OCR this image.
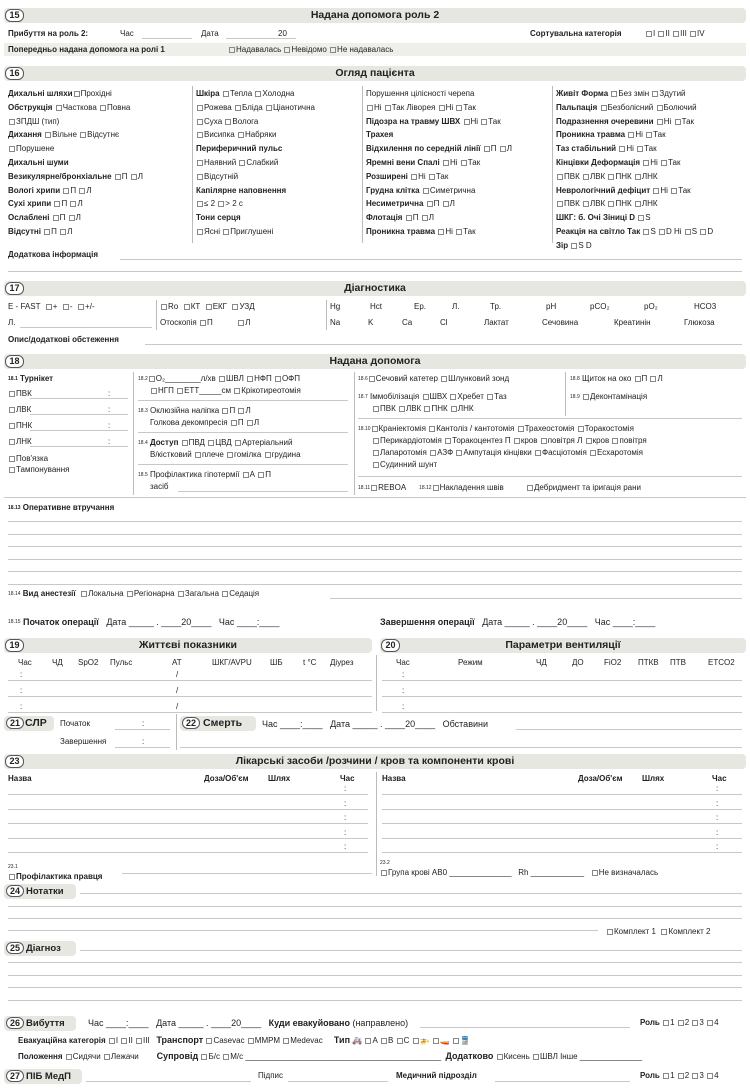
15	Надана допомога роль 2
Прибуття на роль 2:	Час	Дата	20	Сортувальна категорія	I II III IV
Попередньо надана допомога на ролі 1	Надавалась Невідомо Не надавалась
16	Огляд пацієнта
Дихальні шляхи Прохідні
Обструкція Часткова Повна
ЗПДШ (тип)
Дихання Вільне Відсутнє
Порушене
Дихальні шуми
Везикулярне/бронхіальне П Л
Вологі хрипи П Л
Сухі хрипи П Л
Ослаблені П Л
Відсутні П Л
Шкіра Тепла Холодна
Рожева Бліда Ціанотична
Суха Волога
Висипка Набряки
Периферичний пульс
Наявний Слабкий
Відсутній
Капілярне наповнення
≤ 2 > 2 с
Тони серця
Ясні Приглушені
Порушення цілісності черепа
Ні Так Ліворея Ні Так
Підозра на травму ШВХ Ні Так
Трахея
Відхилення по середній лінії П Л
Яремні вени Спалі Ні Так
Розширені Ні Так
Грудна клітка Симетрична
Несиметрична П Л
Флотація П Л
Проникна травма Ні Так
Живіт Форма Без змін Здутий
Пальпація Безболісний Болючий
Подразнення очеревини Ні Так
Проникна травма Ні Так
Таз стабільний Ні Так
Кінцівки Деформація Ні Так
ПВК ЛВК ПНК ЛНК
Неврологічний дефіцит Ні Так
ПВК ЛВК ПНК ЛНК
ШКГ: б. Очі Зіниці D S
Реакція на світло Так S D Ні S D
Зір S D
Додаткова інформація
17	Діагностика
E - FAST + - +/-
Л.
Ro КТ ЕКГ УЗД
Отоскопія П	Л
Hg	Hct	Ер.	Л.	Тр.	pH	pCO₂	pO₂	HCO3
Na	K	Ca	Cl	Лактат	Сечовина	Креатинін	Глюкоза
Опис/додаткові обстеження
18	Надана допомога
$^{18.1}$ Турнікет
ПВК	:
ЛВК	:
ПНК	:
ЛНК	:
Пов'язка
Тампонування
$^{18.2}$ O₂________л/хв ШВЛ НФП ОФП
НГП ЕТТ_____см Крікотиреотомія
$^{18.3}$ Оклюзійна наліпка П Л
Голкова декомпресія П Л
$^{18.4}$ Доступ ПВД ЦВД Артеріальний
В/кістковий плече гомілка грудина
$^{18.5}$ Профілактика гіпотермії А П
засіб
$^{18.6}$ Сечовий катетер Шлунковий зонд
$^{18.7}$ Іммобілізація ШВХ Хребет Таз
ПВК ЛВК ПНК ЛНК
$^{18.8}$ Щиток на око П Л
$^{18.9}$ Деконтамінація
$^{18.10}$ Краніектомія Кантоліз / кантотомія Трахеостомія Торакостомія
Перикардіотомія Торакоцентез П кров повітря Л кров повітря
Лапаротомія АЗФ Ампутація кінцівки Фасціотомія Есхаротомія
Судинний шунт
$^{18.11}$ REBOA	$^{18.12}$ Накладення швів	Дебридмент та іригація рани
$^{18.13}$ Оперативне втручання
$^{18.14}$ Вид анестезії Локальна Регіонарна Загальна Седація
$^{18.15}$ Початок операції   Дата _____ . ____20____   Час ____:____	Завершення операції   Дата _____ . ____20____   Час ____:____
19	Життєві показники	20	Параметри вентиляції
Час	ЧД SpO2 Пульс	АТ	ШКГ/AVPU ШБ	t °C Діурез
:	/
:	/
:	/
Час	Режим	ЧД	ДО	FiO2 ПТКВ ПТВ	ETCO2
:
:
:
21 СЛР Початок	:
Завершення	:
22 Смерть Час ____:____   Дата _____ . ____20____   Обставини
23	Лікарські засоби /розчини / кров та компоненти крові
Назва	Доза/Об'єм Шлях	Час
:
:
:
:
:
Назва	Доза/Об'єм Шлях	Час
:
:
:
:
:
$^{23.1}$
Профілактика правця
$^{23.2}$
Група крові АВ0 ______________   Rh ____________   Не визначалась
24 Нотатки
Комплект 1 Комплект 2
25 Діагноз
26 Вибуття	Час ____:____   Дата _____ . ____20____   Куди евакуйовано (направлено)	Роль 1 2 3 4
Евакуаційна категорія I II III   Транспорт Casevac ММРМ Medevac Тип 🚑 А В С 🚁 🚤 🚆
Положення Сидячи Лежачи Супровід Б/с М/с ____________________________________________  Додатково Кисень ШВЛ Інше ______________
27 ПІБ МедП	Підпис	Медичний підрозділ	Роль 1 2 3 4
